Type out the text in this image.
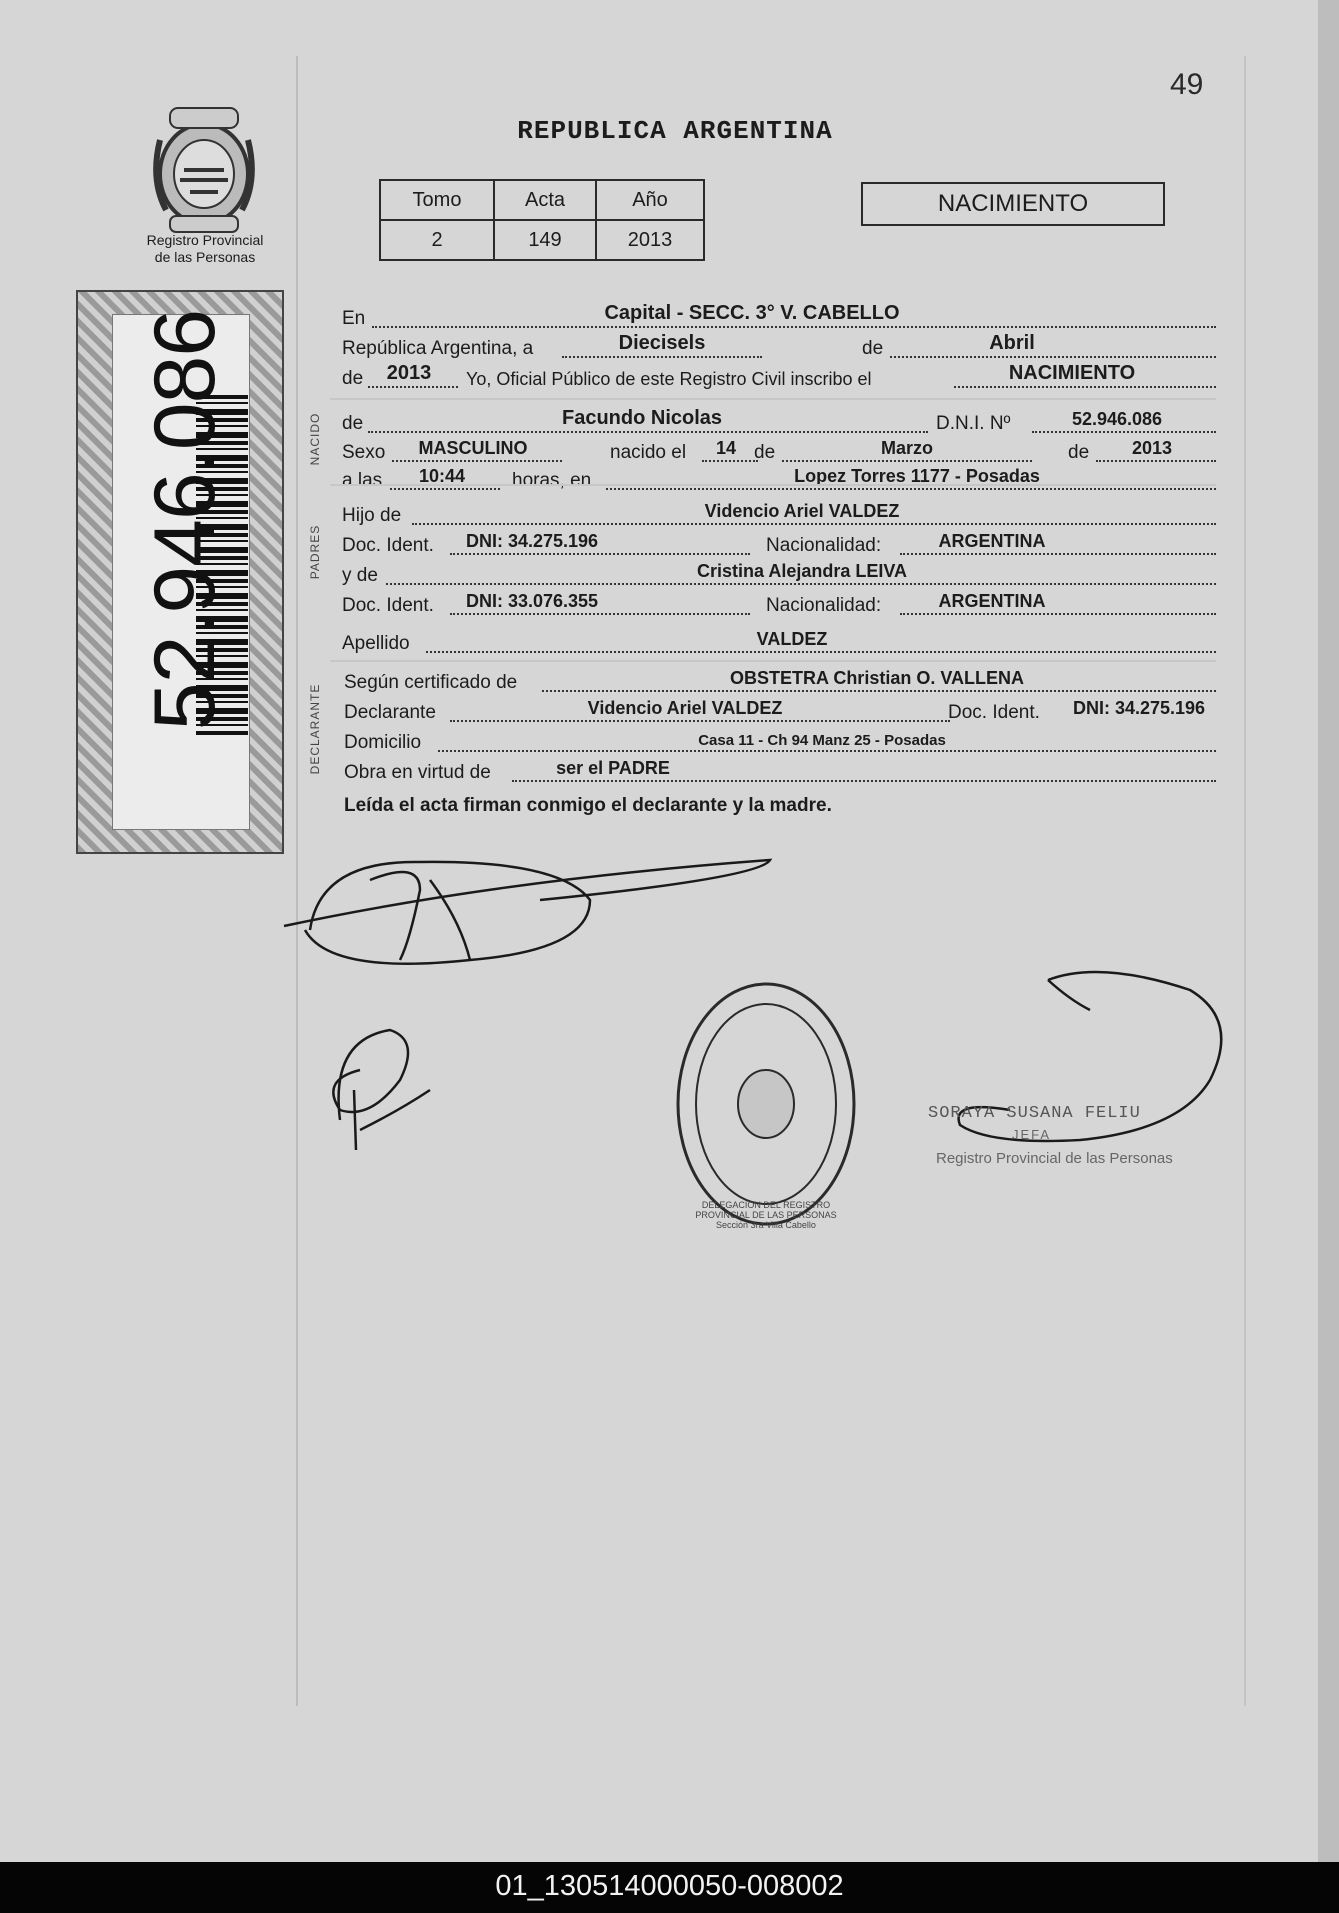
49
REPUBLICA ARGENTINA
Tomo	Acta	Año
2	149	2013
NACIMIENTO
Registro Provincial
de las Personas
52.946.086	NACIDO
PADRES
DECLARANTE
En	Capital - SECC. 3° V. CABELLO
República Argentina, a	Diecisels	de	Abril
de	2013	Yo, Oficial Público de este Registro Civil inscribo el	NACIMIENTO
de	Facundo Nicolas	D.N.I. Nº	52.946.086
Sexo	MASCULINO	nacido el	14 de	Marzo	de	2013
a las	10:44	horas, en	Lopez Torres 1177 - Posadas
Hijo de	Videncio Ariel VALDEZ
Doc. Ident.	DNI: 34.275.196	Nacionalidad:	ARGENTINA
y de	Cristina Alejandra LEIVA
Doc. Ident.	DNI: 33.076.355	Nacionalidad:	ARGENTINA
Apellido	VALDEZ
Según certificado de	OBSTETRA Christian O. VALLENA
Declarante	Videncio Ariel VALDEZ	Doc. Ident.	DNI: 34.275.196
Domicilio	Casa 11 - Ch 94 Manz 25 - Posadas
Obra en virtud de	ser el PADRE
Leída el acta firman conmigo el declarante y la madre.
DELEGACION DEL REGISTRO PROVINCIAL DE LAS PERSONAS
Sección 3ra Villa Cabello
SORAYA SUSANA FELIU
JEFA
Registro Provincial de las Personas
01_130514000050-008002
